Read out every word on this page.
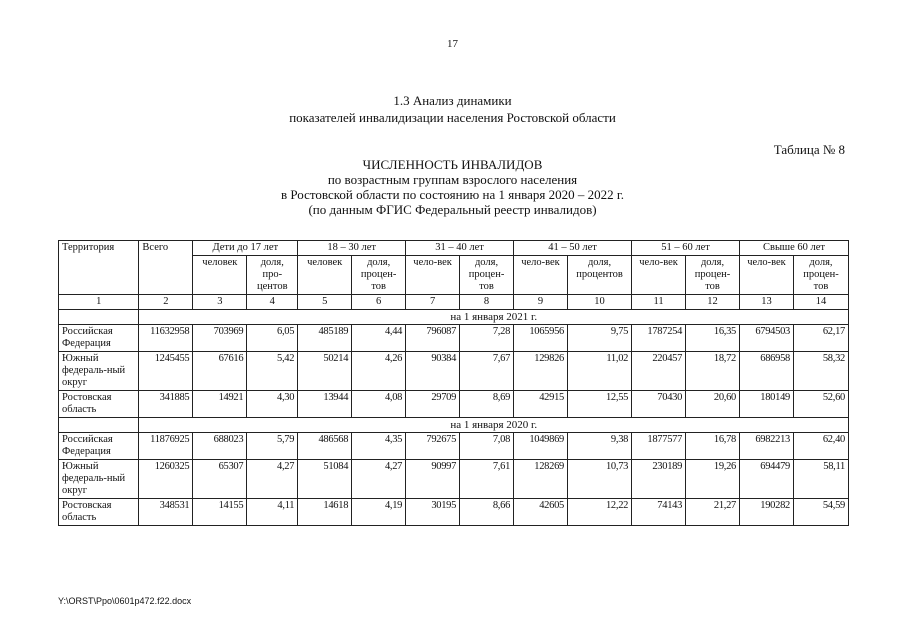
17
1.3 Анализ динамики
показателей инвалидизации населения Ростовской области
Таблица № 8
ЧИСЛЕННОСТЬ ИНВАЛИДОВ
по возрастным группам взрослого населения
в Ростовской области по состоянию на 1 января 2020 – 2022 г.
(по данным ФГИС Федеральный реестр инвалидов)
Территория	Всего	Дети до 17 лет		18 – 30 лет		31 – 40 лет		41 – 50 лет		51 – 60 лет		Свыше 60 лет	
		человек	доля, про-центов	человек	доля, процен-тов	чело-век	доля, процен-тов	чело-век	доля, процентов	чело-век	доля, процен-тов	чело-век	доля, процен-тов
1	2	3	4	5	6	7	8	9	10	11	12	13	14
	на 1 января 2021 г.												
Российская Федерация	11632958	703969	6,05	485189	4,44	796087	7,28	1065956	9,75	1787254	16,35	6794503	62,17
Южный федераль-ный округ	1245455	67616	5,42	50214	4,26	90384	7,67	129826	11,02	220457	18,72	686958	58,32
Ростовская область	341885	14921	4,30	13944	4,08	29709	8,69	42915	12,55	70430	20,60	180149	52,60
	на 1 января 2020 г.												
Российская Федерация	11876925	688023	5,79	486568	4,35	792675	7,08	1049869	9,38	1877577	16,78	6982213	62,40
Южный федераль-ный округ	1260325	65307	4,27	51084	4,27	90997	7,61	128269	10,73	230189	19,26	694479	58,11
Ростовская область	348531	14155	4,11	14618	4,19	30195	8,66	42605	12,22	74143	21,27	190282	54,59
Y:\ORST\Ppo\0601p472.f22.docx
